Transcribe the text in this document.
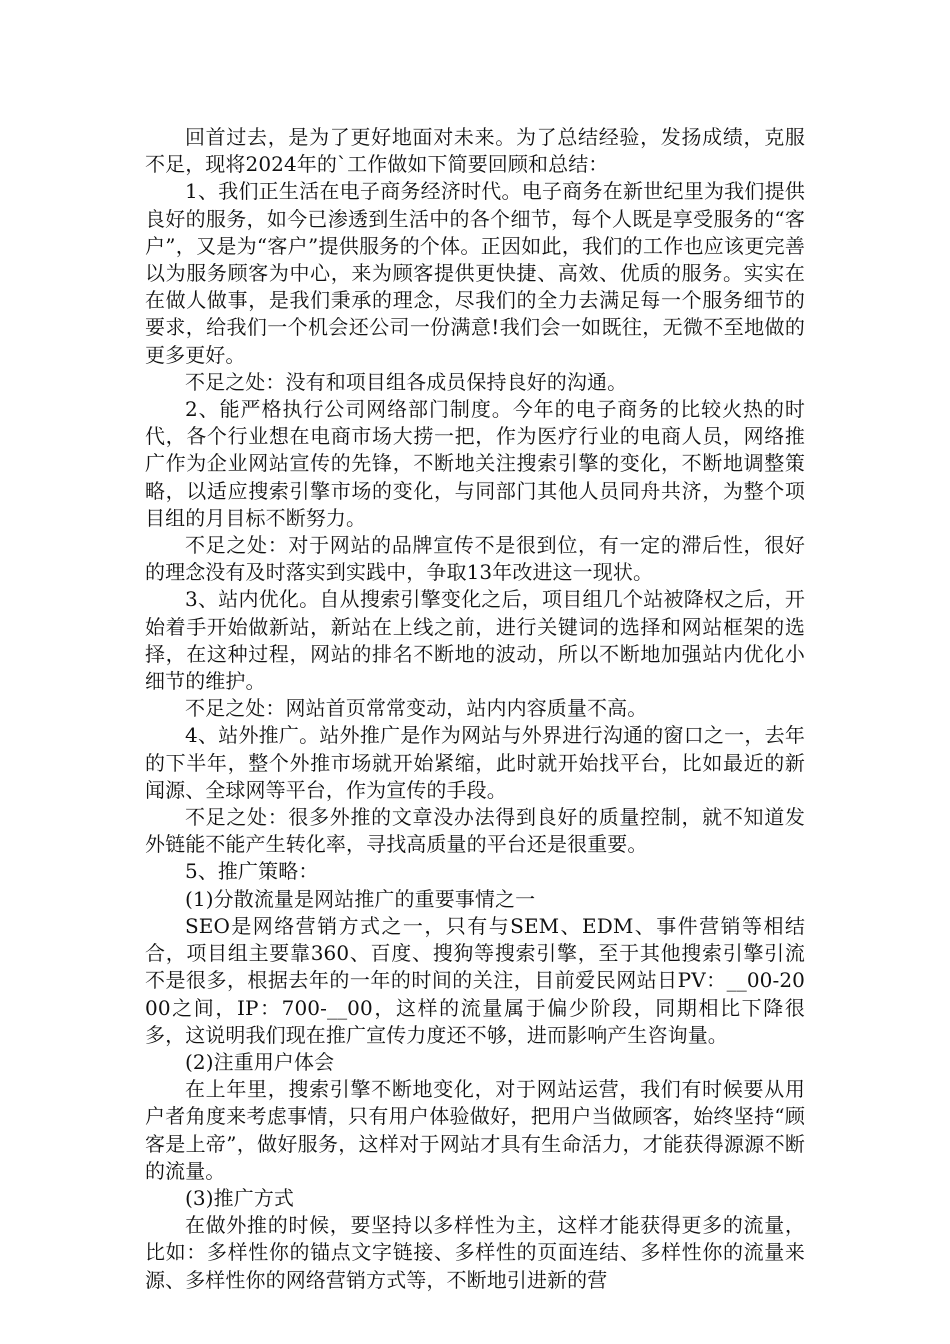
回首过去，是为了更好地面对未来。为了总结经验，发扬成绩，克服不足，现将2024年的`工作做如下简要回顾和总结：

1、我们正生活在电子商务经济时代。电子商务在新世纪里为我们提供良好的服务，如今已渗透到生活中的各个细节，每个人既是享受服务的“客户”，又是为“客户”提供服务的个体。正因如此，我们的工作也应该更完善以为服务顾客为中心，来为顾客提供更快捷、高效、优质的服务。实实在在做人做事，是我们秉承的理念，尽我们的全力去满足每一个服务细节的要求，给我们一个机会还公司一份满意!我们会一如既往，无微不至地做的更多更好。

不足之处：没有和项目组各成员保持良好的沟通。

2、能严格执行公司网络部门制度。今年的电子商务的比较火热的时代，各个行业想在电商市场大捞一把，作为医疗行业的电商人员，网络推广作为企业网站宣传的先锋，不断地关注搜索引擎的变化，不断地调整策略，以适应搜索引擎市场的变化，与同部门其他人员同舟共济，为整个项目组的月目标不断努力。

不足之处：对于网站的品牌宣传不是很到位，有一定的滞后性，很好的理念没有及时落实到实践中，争取13年改进这一现状。

3、站内优化。自从搜索引擎变化之后，项目组几个站被降权之后，开始着手开始做新站，新站在上线之前，进行关键词的选择和网站框架的选择，在这种过程，网站的排名不断地的波动，所以不断地加强站内优化小细节的维护。

不足之处：网站首页常常变动，站内内容质量不高。

4、站外推广。站外推广是作为网站与外界进行沟通的窗口之一，去年的下半年，整个外推市场就开始紧缩，此时就开始找平台，比如最近的新闻源、全球网等平台，作为宣传的手段。

不足之处：很多外推的文章没办法得到良好的质量控制，就不知道发外链能不能产生转化率，寻找高质量的平台还是很重要。

5、推广策略：

(1)分散流量是网站推广的重要事情之一

SEO是网络营销方式之一，只有与SEM、EDM、事件营销等相结合，项目组主要靠360、百度、搜狗等搜索引擎，至于其他搜索引擎引流不是很多，根据去年的一年的时间的关注，目前爱民网站日PV：__00-2000之间，IP：700-__00，这样的流量属于偏少阶段，同期相比下降很多，这说明我们现在推广宣传力度还不够，进而影响产生咨询量。

(2)注重用户体会

在上年里，搜索引擎不断地变化，对于网站运营，我们有时候要从用户者角度来考虑事情，只有用户体验做好，把用户当做顾客，始终坚持“顾客是上帝”，做好服务，这样对于网站才具有生命活力，才能获得源源不断的流量。

(3)推广方式

在做外推的时候，要坚持以多样性为主，这样才能获得更多的流量，比如：多样性你的锚点文字链接、多样性的页面连结、多样性你的流量来源、多样性你的网络营销方式等，不断地引进新的营
